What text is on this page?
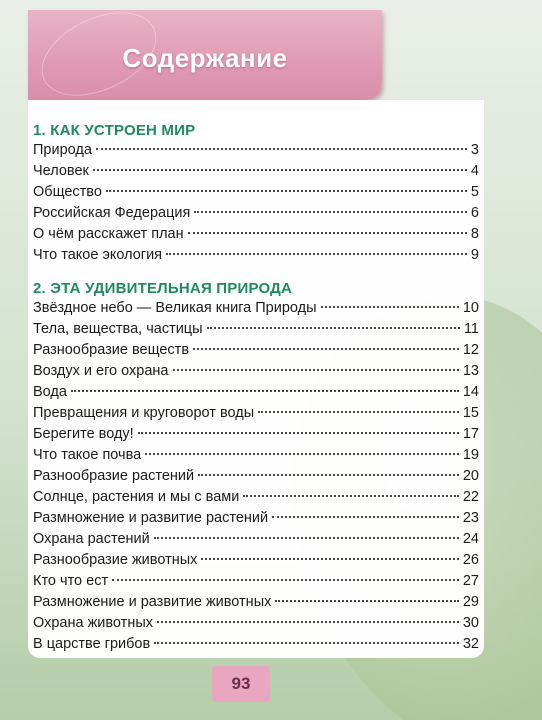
Содержание
1. КАК УСТРОЕН МИР
Природа	3
Человек	4
Общество	5
Российская Федерация	6
О чём расскажет план	8
Что такое экология	9
2. ЭТА УДИВИТЕЛЬНАЯ ПРИРОДА
Звёздное небо — Великая книга Природы	10
Тела, вещества, частицы	11
Разнообразие веществ	12
Воздух и его охрана	13
Вода	14
Превращения и круговорот воды	15
Берегите воду!	17
Что такое почва	19
Разнообразие растений	20
Солнце, растения и мы с вами	22
Размножение и развитие растений	23
Охрана растений	24
Разнообразие животных	26
Кто что ест	27
Размножение и развитие животных	29
Охрана животных	30
В царстве грибов	32
93
